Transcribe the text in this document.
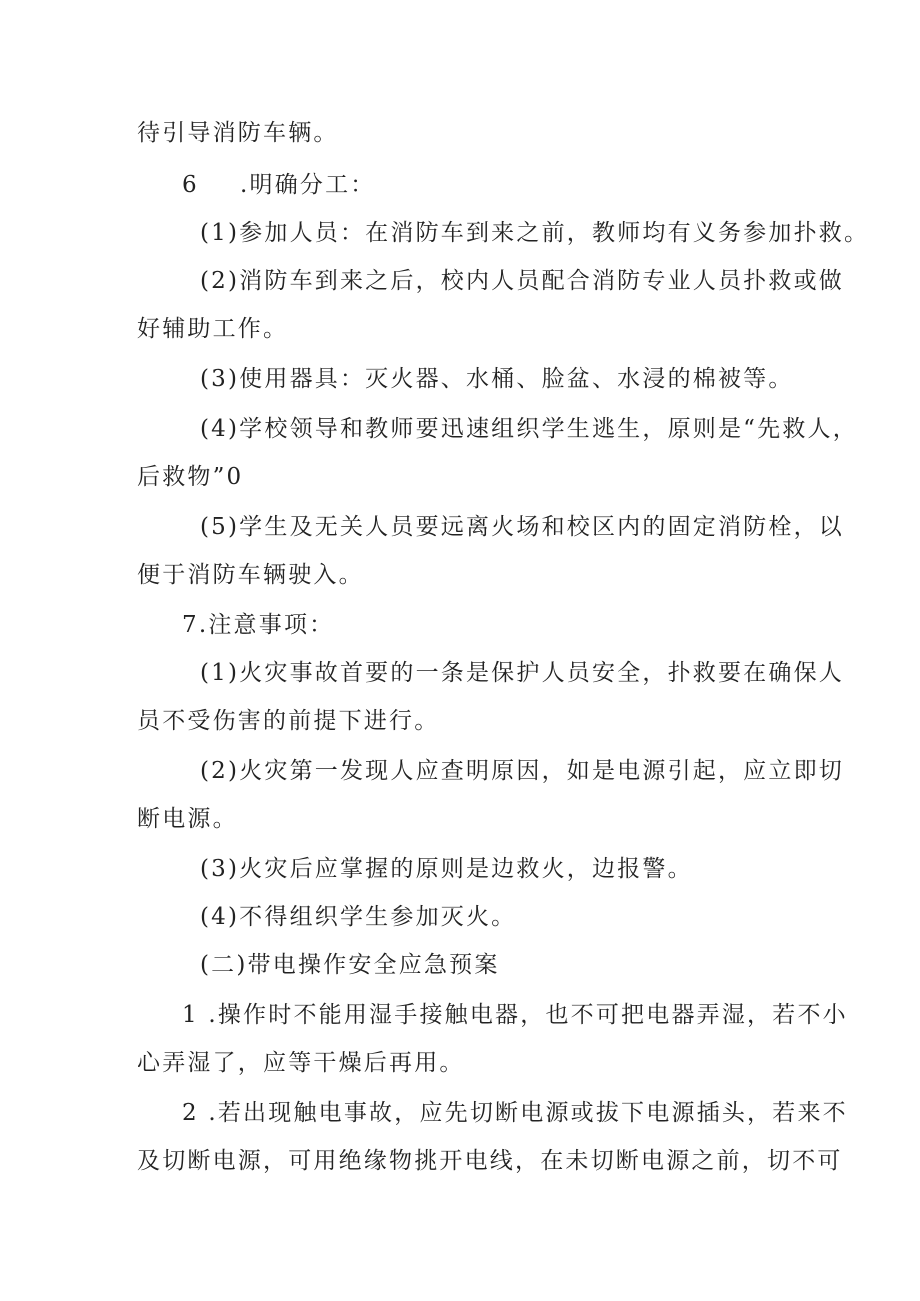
待引导消防车辆。
6 .明确分工：
(1)参加人员：在消防车到来之前，教师均有义务参加扑救。
(2)消防车到来之后，校内人员配合消防专业人员扑救或做
好辅助工作。
(3)使用器具：灭火器、水桶、脸盆、水浸的棉被等。
(4)学校领导和教师要迅速组织学生逃生，原则是“先救人，
后救物”0
(5)学生及无关人员要远离火场和校区内的固定消防栓，以
便于消防车辆驶入。
7.注意事项：
(1)火灾事故首要的一条是保护人员安全，扑救要在确保人
员不受伤害的前提下进行。
(2)火灾第一发现人应查明原因，如是电源引起，应立即切
断电源。
(3)火灾后应掌握的原则是边救火，边报警。
(4)不得组织学生参加灭火。
(二)带电操作安全应急预案
1 .操作时不能用湿手接触电器，也不可把电器弄湿，若不小
心弄湿了，应等干燥后再用。
2 .若出现触电事故，应先切断电源或拔下电源插头，若来不
及切断电源，可用绝缘物挑开电线，在未切断电源之前，切不可
